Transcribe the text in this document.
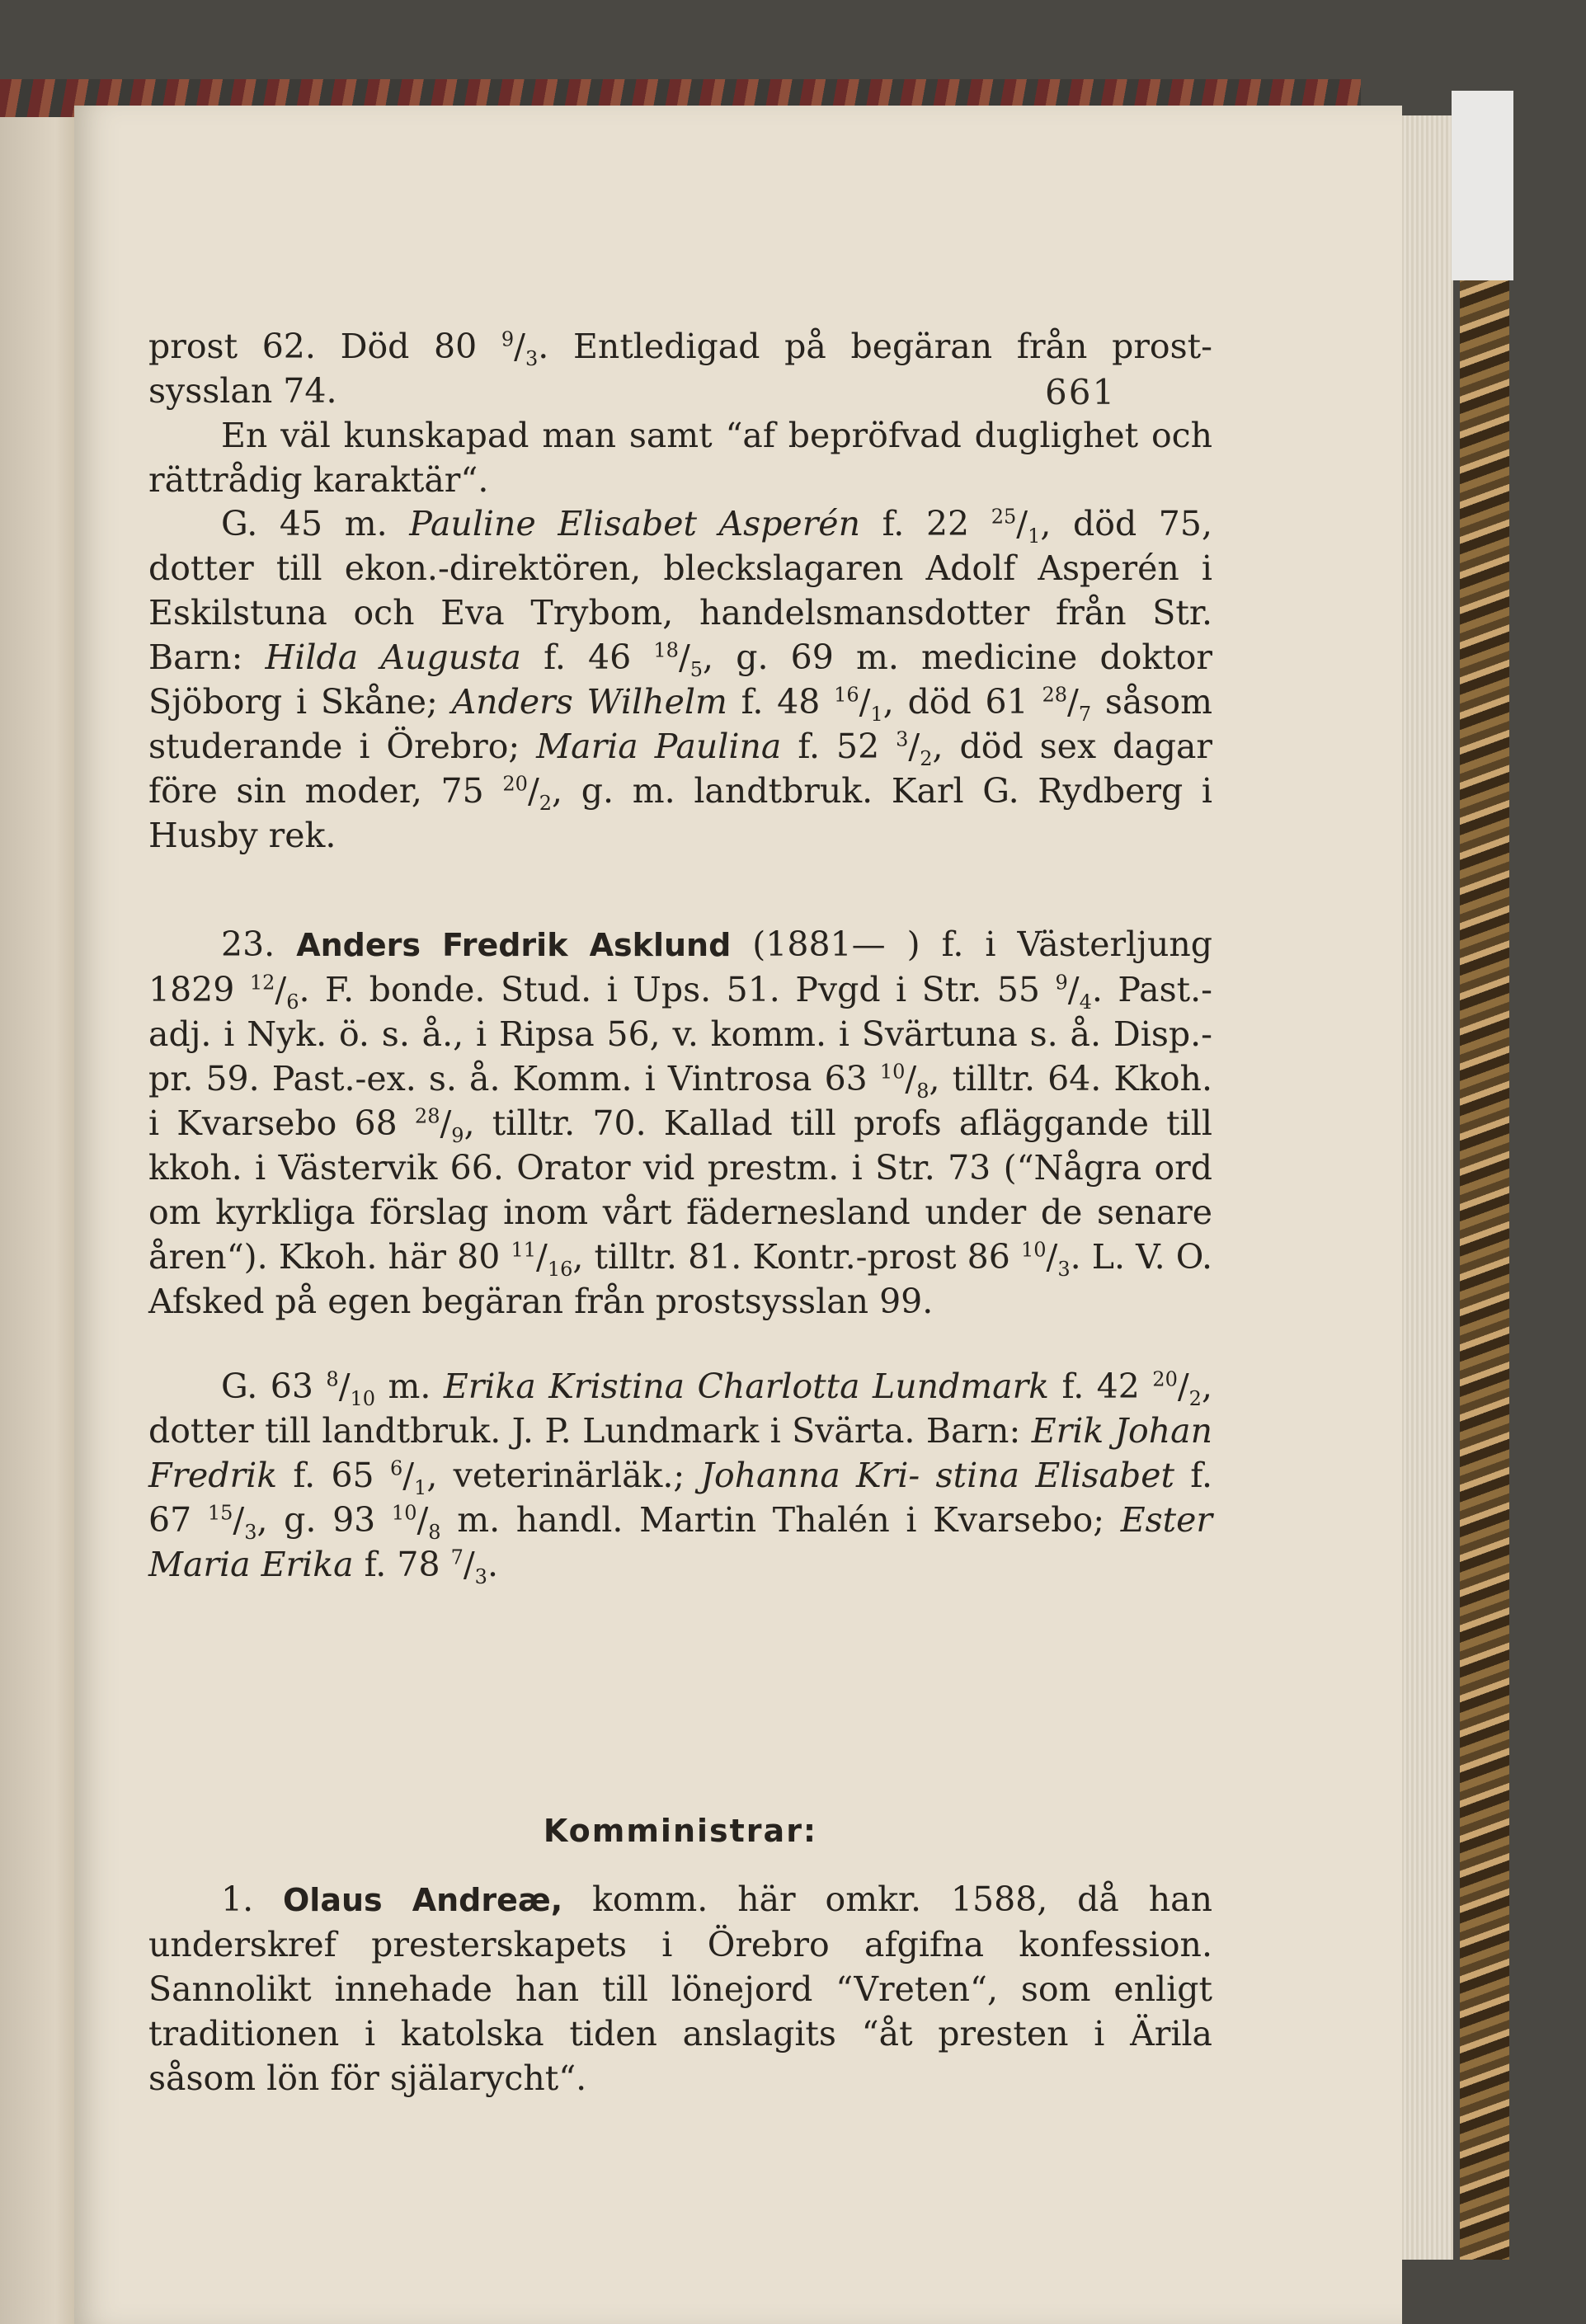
661

prost 62. Död 80 $^9/_3$. Entledigad på begäran från prost- sysslan 74.

En väl kunskapad man samt “af bepröfvad duglighet och rättrådig karaktär“.

G. 45 m. Pauline Elisabet Asperén f. 22 $^{25}/_1$, död 75, dotter till ekon.-direktören, bleckslagaren Adolf Asperén i Eskilstuna och Eva Trybom, handelsmansdotter från Str. Barn: Hilda Augusta f. 46 $^{18}/_5$, g. 69 m. medicine doktor Sjöborg i Skåne; Anders Wilhelm f. 48 $^{16}/_1$, död 61 $^{28}/_7$ såsom studerande i Örebro; Maria Paulina f. 52 $^3/_2$, död sex dagar före sin moder, 75 $^{20}/_2$, g. m. landtbruk. Karl G. Rydberg i Husby rek.

23. Anders Fredrik Asklund (1881— ) f. i Västerljung 1829 $^{12}/_6$. F. bonde. Stud. i Ups. 51. Pvgd i Str. 55 $^9/_4$. Past.-adj. i Nyk. ö. s. å., i Ripsa 56, v. komm. i Svärtuna s. å. Disp.-pr. 59. Past.-ex. s. å. Komm. i Vintrosa 63 $^{10}/_8$, tilltr. 64. Kkoh. i Kvarsebo 68 $^{28}/_9$, tilltr. 70. Kallad till profs afläggande till kkoh. i Västervik 66. Orator vid prestm. i Str. 73 (“Några ord om kyrkliga förslag inom vårt fädernesland under de senare åren“). Kkoh. här 80 $^{11}/_{16}$, tilltr. 81. Kontr.-prost 86 $^{10}/_3$. L. V. O. Afsked på egen begäran från prostsysslan 99.

G. 63 $^8/_{10}$ m. Erika Kristina Charlotta Lundmark f. 42 $^{20}/_2$, dotter till landtbruk. J. P. Lundmark i Svärta. Barn: Erik Johan Fredrik f. 65 $^6/_1$, veterinärläk.; Johanna Kri- stina Elisabet f. 67 $^{15}/_3$, g. 93 $^{10}/_8$ m. handl. Martin Thalén i Kvarsebo; Ester Maria Erika f. 78 $^7/_3$.

Komministrar:

1. Olaus Andreæ, komm. här omkr. 1588, då han underskref presterskapets i Örebro afgifna konfession. Sannolikt innehade han till lönejord “Vreten“, som enligt traditionen i katolska tiden anslagits “åt presten i Ärila såsom lön för själarycht“.
